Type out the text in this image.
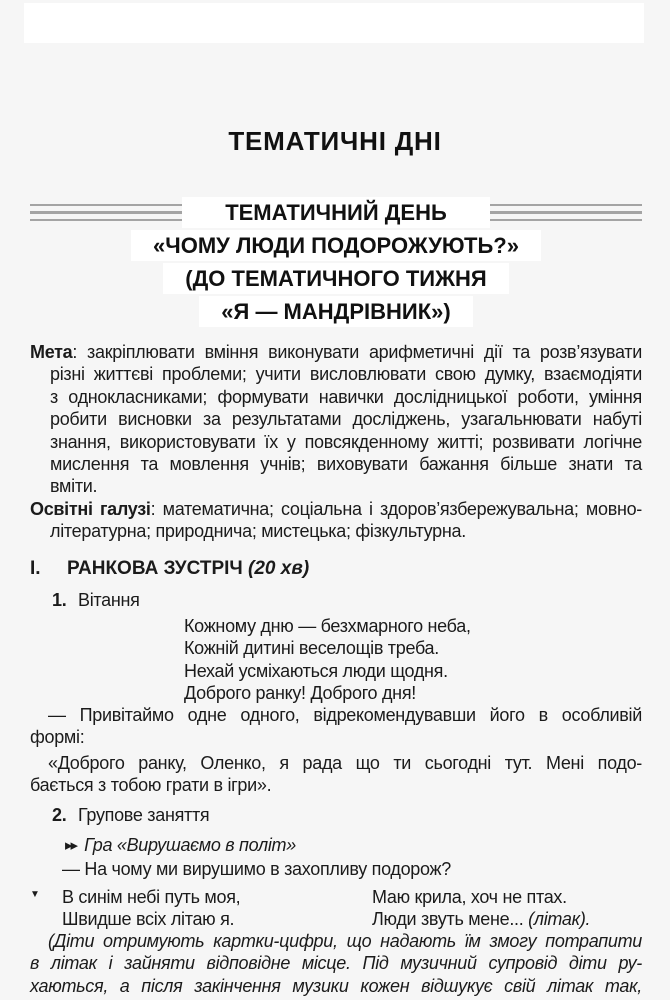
ТЕМАТИЧНІ ДНІ
ТЕМАТИЧНИЙ ДЕНЬ
«ЧОМУ ЛЮДИ ПОДОРОЖУЮТЬ?»
(ДО ТЕМАТИЧНОГО ТИЖНЯ
«Я — МАНДРІВНИК»)
Мета: закріплювати вміння виконувати арифметичні дії та розв’язувати
різні життєві проблеми; учити висловлювати свою думку, взаємодіяти
з однокласниками; формувати навички дослідницької роботи, уміння
робити висновки за результатами досліджень, узагальнювати набуті
знання, використовувати їх у повсякденному житті; розвивати логічне
мислення та мовлення учнів; виховувати бажання більше знати та
вміти.
Освітні галузі: математична; соціальна і здоров’язбережувальна; мовно-
літературна; природнича; мистецька; фізкультурна.
I. РАНКОВА ЗУСТРІЧ (20 хв)
1. Вітання
Кожному дню — безхмарного неба,
Кожній дитині веселощів треба.
Нехай усміхаються люди щодня.
Доброго ранку! Доброго дня!
— Привітаймо одне одного, відрекомендувавши його в особливій
формі:
«Доброго ранку, Оленко, я рада що ти сьогодні тут. Мені подо-
бається з тобою грати в ігри».
2. Групове заняття
▸▸ Гра «Вирушаємо в політ»
— На чому ми вирушимо в захопливу подорож?
▼ В синім небі путь моя,
Швидше всіх літаю я.
Маю крила, хоч не птах.
Люди звуть мене... (літак).
(Діти отримують картки-цифри, що надають їм змогу потрапити
в літак і зайняти відповідне місце. Під музичний супровід діти ру-
хаються, а після закінчення музики кожен відшукує свій літак так,
